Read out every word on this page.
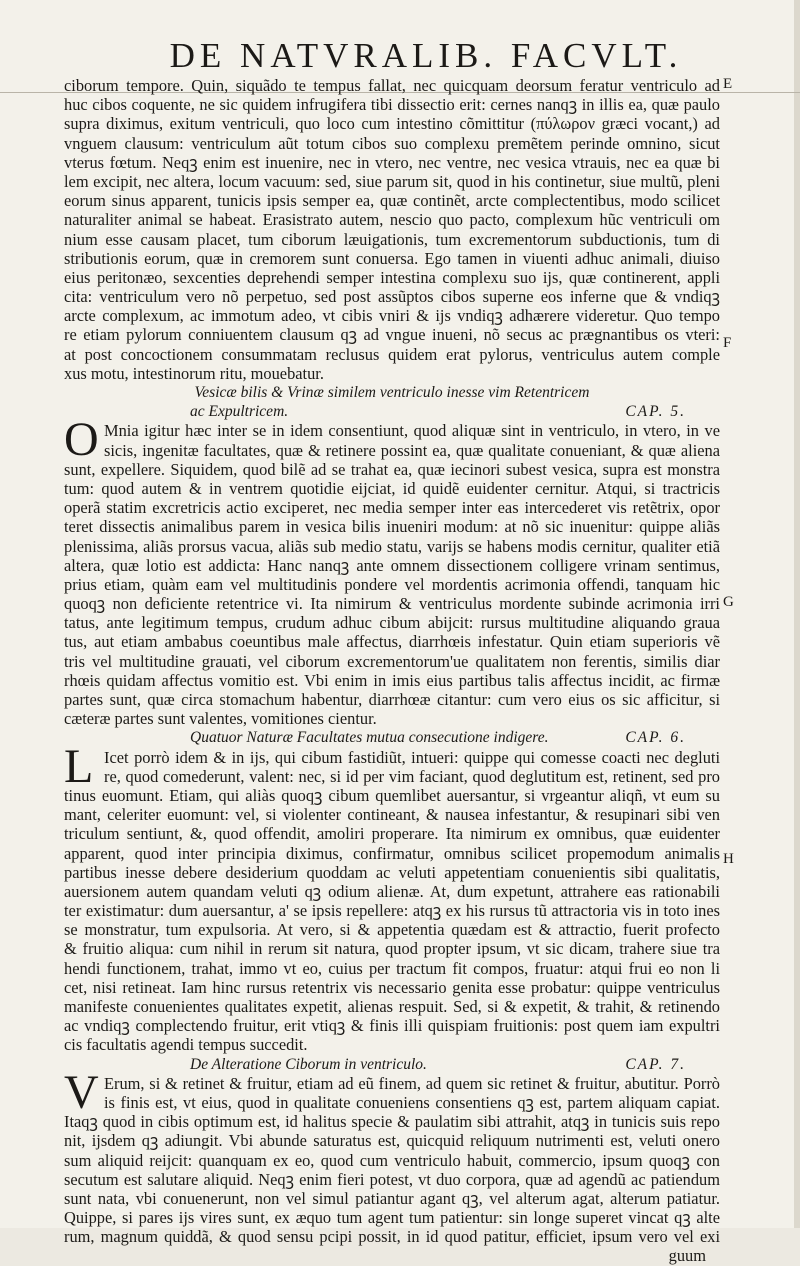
DE NATVRALIB. FACVLT.
E
F
G
H
ciborum tempore. Quin, siquãdo te tempus fallat, nec quicquam deorsum feratur ventriculo ad
huc cibos coquente, ne sic quidem infrugifera tibi dissectio erit: cernes nanqꝫ in illis ea, quæ paulo
supra diximus, exitum ventriculi, quo loco cum intestino cõmittitur (πύλωρον græci vocant,) ad
vnguem clausum: ventriculum aũt totum cibos suo complexu premẽtem perinde omnino, sicut
vterus fœtum. Neqꝫ enim est inuenire, nec in vtero, nec ventre, nec vesica vtrauis, nec ea quæ bi
lem excipit, nec altera, locum vacuum: sed, siue parum sit, quod in his continetur, siue multũ, pleni
eorum sinus apparent, tunicis ipsis semper ea, quæ continẽt, arcte complectentibus, modo scilicet
naturaliter animal se habeat. Erasistrato autem, nescio quo pacto, complexum hũc ventriculi om
nium esse causam placet, tum ciborum læuigationis, tum excrementorum subductionis, tum di
stributionis eorum, quæ in cremorem sunt conuersa. Ego tamen in viuenti adhuc animali, diuiso
eius peritonæo, sexcenties deprehendi semper intestina complexu suo ijs, quæ continerent, appli
cita: ventriculum vero nõ perpetuo, sed post assũptos cibos superne eos inferne que & vndiqꝫ
arcte complexum, ac immotum adeo, vt cibis vniri & ijs vndiqꝫ adhærere videretur. Quo tempo
re etiam pylorum conniuentem clausum qꝫ ad vngue inueni, nõ secus ac prægnantibus os vteri:
at post concoctionem consummatam reclusus quidem erat pylorus, ventriculus autem comple
xus motu, intestinorum ritu, mouebatur.
Vesicæ bilis & Vrinæ similem ventriculo inesse vim Retentricem
ac Expultricem.	CAP. 5.
O Mnia igitur hæc inter se in idem consentiunt, quod aliquæ sint in ventriculo, in vtero, in ve
sicis, ingenitæ facultates, quæ & retinere possint ea, quæ qualitate conueniant, & quæ aliena
sunt, expellere. Siquidem, quod bilẽ ad se trahat ea, quæ iecinori subest vesica, supra est monstra
tum: quod autem & in ventrem quotidie eijciat, id quidẽ euidenter cernitur. Atqui, si tractricis
operã statim excretricis actio exciperet, nec media semper inter eas intercederet vis retẽtrix, opor
teret dissectis animalibus parem in vesica bilis inueniri modum: at nõ sic inuenitur: quippe aliãs
plenissima, aliãs prorsus vacua, aliãs sub medio statu, varijs se habens modis cernitur, qualiter etiã
altera, quæ lotio est addicta: Hanc nanqꝫ ante omnem dissectionem colligere vrinam sentimus,
prius etiam, quàm eam vel multitudinis pondere vel mordentis acrimonia offendi, tanquam hic
quoqꝫ non deficiente retentrice vi. Ita nimirum & ventriculus mordente subinde acrimonia irri
tatus, ante legitimum tempus, crudum adhuc cibum abijcit: rursus multitudine aliquando graua
tus, aut etiam ambabus coeuntibus male affectus, diarrhœis infestatur. Quin etiam superioris vẽ
tris vel multitudine grauati, vel ciborum excrementorum'ue qualitatem non ferentis, similis diar
rhœis quidam affectus vomitio est. Vbi enim in imis eius partibus talis affectus incidit, ac firmæ
partes sunt, quæ circa stomachum habentur, diarrhœæ citantur: cum vero eius os sic afficitur, si
cæteræ partes sunt valentes, vomitiones cientur.
Quatuor Naturæ Facultates mutua consecutione indigere.	CAP. 6.
L Icet porrò idem & in ijs, qui cibum fastidiũt, intueri: quippe qui comesse coacti nec degluti
re, quod comederunt, valent: nec, si id per vim faciant, quod deglutitum est, retinent, sed pro
tinus euomunt. Etiam, qui aliàs quoqꝫ cibum quemlibet auersantur, si vrgeantur aliqñ, vt eum su
mant, celeriter euomunt: vel, si violenter contineant, & nausea infestantur, & resupinari sibi ven
triculum sentiunt, &, quod offendit, amoliri properare. Ita nimirum ex omnibus, quæ euidenter
apparent, quod inter principia diximus, confirmatur, omnibus scilicet propemodum animalis
partibus inesse debere desiderium quoddam ac veluti appetentiam conuenientis sibi qualitatis,
auersionem autem quandam veluti qꝫ odium alienæ. At, dum expetunt, attrahere eas rationabili
ter existimatur: dum auersantur, a' se ipsis repellere: atqꝫ ex his rursus tũ attractoria vis in toto ines
se monstratur, tum expulsoria. At vero, si & appetentia quædam est & attractio, fuerit profecto
& fruitio aliqua: cum nihil in rerum sit natura, quod propter ipsum, vt sic dicam, trahere siue tra
hendi functionem, trahat, immo vt eo, cuius per tractum fit compos, fruatur: atqui frui eo non li
cet, nisi retineat. Iam hinc rursus retentrix vis necessario genita esse probatur: quippe ventriculus
manifeste conuenientes qualitates expetit, alienas respuit. Sed, si & expetit, & trahit, & retinendo
ac vndiqꝫ complectendo fruitur, erit vtiqꝫ & finis illi quispiam fruitionis: post quem iam expultri
cis facultatis agendi tempus succedit.
De Alteratione Ciborum in ventriculo.	CAP. 7.
V Erum, si & retinet & fruitur, etiam ad eũ finem, ad quem sic retinet & fruitur, abutitur. Porrò
is finis est, vt eius, quod in qualitate conueniens consentiens qꝫ est, partem aliquam capiat.
Itaqꝫ quod in cibis optimum est, id halitus specie & paulatim sibi attrahit, atqꝫ in tunicis suis repo
nit, ijsdem qꝫ adiungit. Vbi abunde saturatus est, quicquid reliquum nutrimenti est, veluti onero
sum aliquid reijcit: quanquam ex eo, quod cum ventriculo habuit, commercio, ipsum quoqꝫ con
secutum est salutare aliquid. Neqꝫ enim fieri potest, vt duo corpora, quæ ad agendũ ac patiendum
sunt nata, vbi conuenerunt, non vel simul patiantur agant qꝫ, vel alterum agat, alterum patiatur.
Quippe, si pares ijs vires sunt, ex æquo tum agent tum patientur: sin longe superet vincat qꝫ alte
rum, magnum quiddã, & quod sensu pcipi possit, in id quod patitur, efficiet, ipsum vero vel exi
guum
